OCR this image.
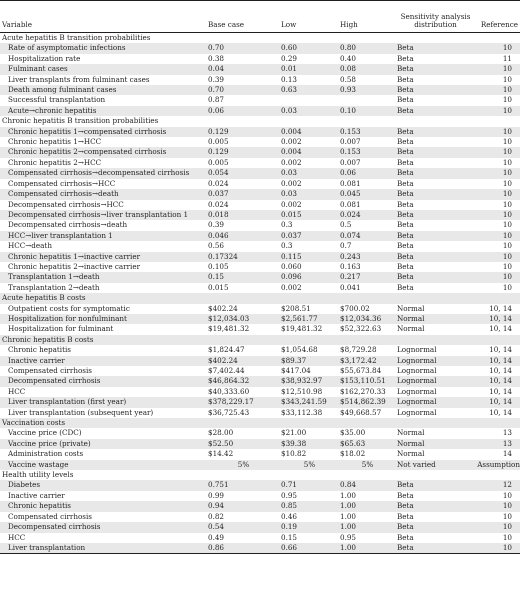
Variable	Base case	Low	High	Sensitivity analysis distribution	Reference
Acute hepatitis B transition probabilities					
Rate of asymptomatic infections	0.70	0.60	0.80	Beta	10
Hospitalization rate	0.38	0.29	0.40	Beta	11
Fulminant cases	0.04	0.01	0.08	Beta	10
Liver transplants from fulminant cases	0.39	0.13	0.58	Beta	10
Death among fulminant cases	0.70	0.63	0.93	Beta	10
Successful transplantation	0.87			Beta	10
Acute→chronic hepatitis	0.06	0.03	0.10	Beta	10
Chronic hepatitis B transition probabilities					
Chronic hepatitis 1→compensated cirrhosis	0.129	0.004	0.153	Beta	10
Chronic hepatitis 1→HCC	0.005	0.002	0.007	Beta	10
Chronic hepatitis 2→compensated cirrhosis	0.129	0.004	0.153	Beta	10
Chronic hepatitis 2→HCC	0.005	0.002	0.007	Beta	10
Compensated cirrhosis→decompensated cirrhosis	0.054	0.03	0.06	Beta	10
Compensated cirrhosis→HCC	0.024	0.002	0.081	Beta	10
Compensated cirrhosis→death	0.037	0.03	0.045	Beta	10
Decompensated cirrhosis→HCC	0.024	0.002	0.081	Beta	10
Decompensated cirrhosis→liver transplantation 1	0.018	0.015	0.024	Beta	10
Decompensated cirrhosis→death	0.39	0.3	0.5	Beta	10
HCC→liver transplantation 1	0.046	0.037	0.074	Beta	10
HCC→death	0.56	0.3	0.7	Beta	10
Chronic hepatitis 1→inactive carrier	0.17324	0.115	0.243	Beta	10
Chronic hepatitis 2→inactive carrier	0.105	0.060	0.163	Beta	10
Transplantation 1→death	0.15	0.096	0.217	Beta	10
Transplantation 2→death	0.015	0.002	0.041	Beta	10
Acute hepatitis B costs					
Outpatient costs for symptomatic	$402.24	$208.51	$700.02	Normal	10, 14
Hospitalization for nonfulminant	$12,034.03	$2,561.77	$12,034.36	Normal	10, 14
Hospitalization for fulminant	$19,481.32	$19,481.32	$52,322.63	Normal	10, 14
Chronic hepatitis B costs					
Chronic hepatitis	$1,824.47	$1,054.68	$8,729.28	Lognormal	10, 14
Inactive carrier	$402.24	$89.37	$3,172.42	Lognormal	10, 14
Compensated cirrhosis	$7,402.44	$417.04	$55,673.84	Lognormal	10, 14
Decompensated cirrhosis	$46,864.32	$38,932.97	$153,110.51	Lognormal	10, 14
HCC	$40,333.60	$12,510.98	$162,270.33	Lognormal	10, 14
Liver transplantation (first year)	$378,229.17	$343,241.59	$514,862.39	Lognormal	10, 14
Liver transplantation (subsequent year)	$36,725.43	$33,112.38	$49,668.57	Lognormal	10, 14
Vaccination costs					
Vaccine price (CDC)	$28.00	$21.00	$35.00	Normal	13
Vaccine price (private)	$52.50	$39.38	$65.63	Normal	13
Administration costs	$14.42	$10.82	$18.02	Normal	14
Vaccine wastage	5%	5%	5%	Not varied	Assumption
Health utility levels					
Diabetes	0.751	0.71	0.84	Beta	12
Inactive carrier	0.99	0.95	1.00	Beta	10
Chronic hepatitis	0.94	0.85	1.00	Beta	10
Compensated cirrhosis	0.82	0.46	1.00	Beta	10
Decompensated cirrhosis	0.54	0.19	1.00	Beta	10
HCC	0.49	0.15	0.95	Beta	10
Liver transplantation	0.86	0.66	1.00	Beta	10
